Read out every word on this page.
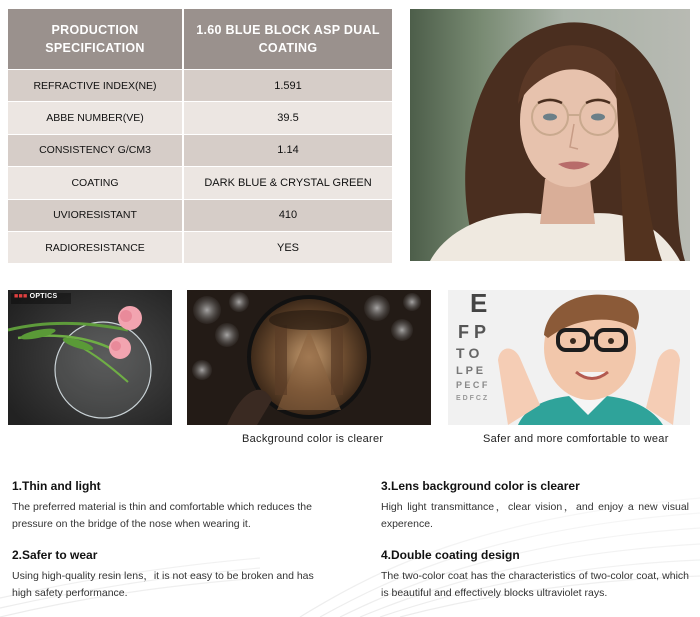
PRODUCTION SPECIFICATION	1.60 BLUE BLOCK ASP DUAL COATING
REFRACTIVE INDEX(NE)	1.591
ABBE NUMBER(VE)	39.5
CONSISTENCY G/CM3	1.14
COATING	DARK BLUE & CRYSTAL GREEN
UVIORESISTANT	410
RADIORESISTANCE	YES
■■■ OPTICS	E
F P
T O
L P E
P E C F
E D F C Z
Background color is clearer	Safer and more comfortable to wear
1.Thin and light

The preferred material is thin and comfortable which reduces the pressure on the bridge of the nose when wearing it.

2.Safer to wear

Using high-quality resin lens，it is not easy to be broken and has high safety performance.

3.Lens background color is clearer

High light transmittance，clear vision，and enjoy a new visual experence.

4.Double coating design

The two-color coat has the characteristics of two-color coat, which is beautiful and effectively blocks ultraviolet rays.
